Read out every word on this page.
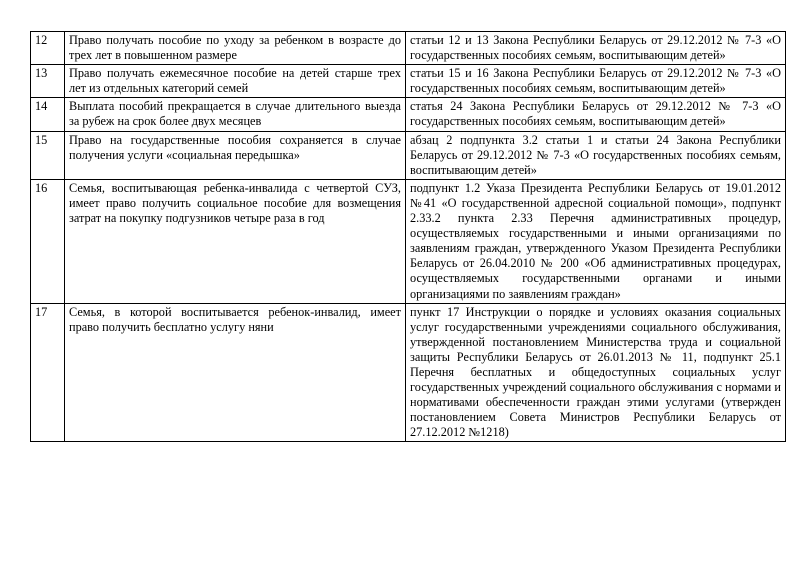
12	Право получать пособие по уходу за ребенком в возрасте до трех лет в повышенном размере	статьи 12 и 13 Закона Республики Беларусь от 29.12.2012 № 7-3 «О государственных пособиях семьям, воспитывающим детей»
13	Право получать ежемесячное пособие на детей старше трех лет из отдельных категорий семей	статьи 15 и 16 Закона Республики Беларусь от 29.12.2012 № 7-3 «О государственных пособиях семьям, воспитывающим детей»
14	Выплата пособий прекращается в случае длительного выезда за рубеж на срок более двух месяцев	статья 24 Закона Республики Беларусь от 29.12.2012 № 7-3 «О государственных пособиях семьям, воспитывающим детей»
15	Право на государственные пособия сохраняется в случае получения услуги «социальная передышка»	абзац 2 подпункта 3.2 статьи 1 и статьи 24 Закона Республики Беларусь от 29.12.2012 № 7-3 «О государственных пособиях семьям, воспитывающим детей»
16	Семья, воспитывающая ребенка-инвалида с четвертой СУЗ, имеет право получить социальное пособие для возмещения затрат на покупку подгузников четыре раза в год	подпункт 1.2 Указа Президента Республики Беларусь от 19.01.2012 №41 «О государственной адресной социальной помощи», подпункт 2.33.2 пункта 2.33 Перечня административных процедур, осуществляемых государственными и иными организациями по заявлениям граждан, утвержденного Указом Президента Республики Беларусь от 26.04.2010 № 200 «Об административных процедурах, осуществляемых государственными органами и иными организациями по заявлениям граждан»
17	Семья, в которой воспитывается ребенок-инвалид, имеет право получить бесплатно услугу няни	пункт 17 Инструкции о порядке и условиях оказания социальных услуг государственными учреждениями социального обслуживания, утвержденной постановлением Министерства труда и социальной защиты Республики Беларусь от 26.01.2013 № 11, подпункт 25.1 Перечня бесплатных и общедоступных социальных услуг государственных учреждений социального обслуживания с нормами и нормативами обеспеченности граждан этими услугами (утвержден постановлением Совета Министров Республики Беларусь от 27.12.2012 №1218)
